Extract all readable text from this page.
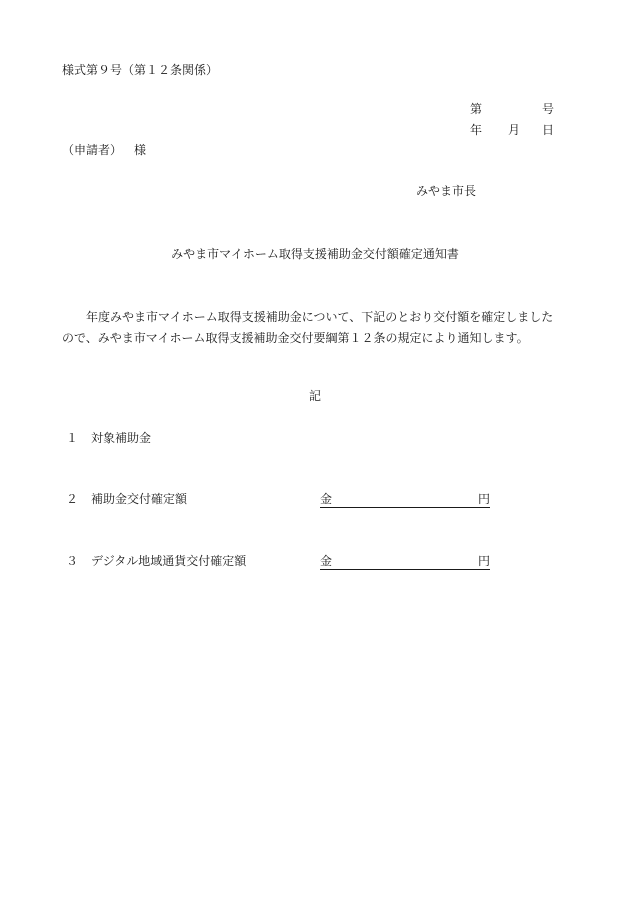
様式第９号（第１２条関係）
第	号
年 月 日
（申請者） 様
みやま市長
みやま市マイホーム取得支援補助金交付額確定通知書

年度みやま市マイホーム取得支援補助金について、下記のとおり交付額を確定しました

ので、みやま市マイホーム取得支援補助金交付要綱第１２条の規定により通知します。

記
１ 対象補助金
２ 補助金交付確定額	金	円
３ デジタル地域通貨交付確定額	金	円
